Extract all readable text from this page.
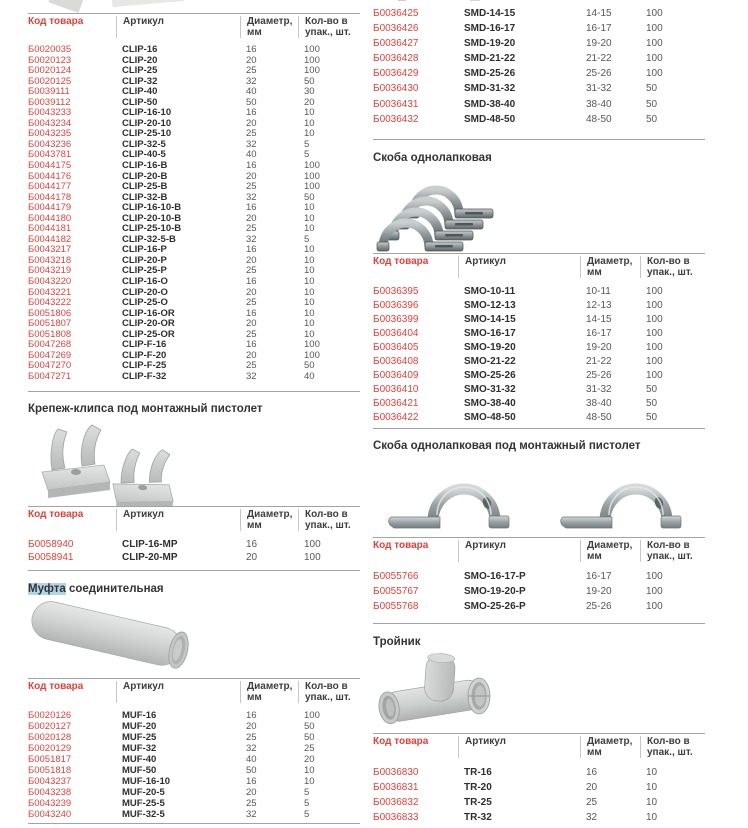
Код товара	Артикул	Диаметр,
мм
Кол-во в
упак., шт.
Б0020035	CLIP-16	16	100
Б0020123	CLIP-20	20	100
Б0020124	CLIP-25	25	100
Б0020125	CLIP-32	32	50
Б0039111	CLIP-40	40	30
Б0039112	CLIP-50	50	20
Б0043233	CLIP-16-10	16	10
Б0043234	CLIP-20-10	20	10
Б0043235	CLIP-25-10	25	10
Б0043236	CLIP-32-5	32	5
Б0043781	CLIP-40-5	40	5
Б0044175	CLIP-16-B	16	100
Б0044176	CLIP-20-B	20	100
Б0044177	CLIP-25-B	25	100
Б0044178	CLIP-32-B	32	50
Б0044179	CLIP-16-10-B	16	10
Б0044180	CLIP-20-10-B	20	10
Б0044181	CLIP-25-10-B	25	10
Б0044182	CLIP-32-5-B	32	5
Б0043217	CLIP-16-P	16	10
Б0043218	CLIP-20-P	20	10
Б0043219	CLIP-25-P	25	10
Б0043220	CLIP-16-O	16	10
Б0043221	CLIP-20-O	20	10
Б0043222	CLIP-25-O	25	10
Б0051806	CLIP-16-OR	16	10
Б0051807	CLIP-20-OR	20	10
Б0051808	CLIP-25-OR	25	10
Б0047268	CLIP-F-16	16	100
Б0047269	CLIP-F-20	20	100
Б0047270	CLIP-F-25	25	50
Б0047271	CLIP-F-32	32	40
Крепеж-клипса под монтажный пистолет
Код товара	Артикул	Диаметр,
мм
Кол-во в
упак., шт.
Б0058940	CLIP-16-MP	16	100
Б0058941	CLIP-20-MP	20	100
Муфта соединительная
Код товара	Артикул	Диаметр,
мм
Кол-во в
упак., шт.
Б0020126	MUF-16	16	100
Б0020127	MUF-20	20	50
Б0020128	MUF-25	25	50
Б0020129	MUF-32	32	25
Б0051817	MUF-40	40	20
Б0051818	MUF-50	50	10
Б0043237	MUF-16-10	16	10
Б0043238	MUF-20-5	20	5
Б0043239	MUF-25-5	25	5
Б0043240	MUF-32-5	32	5
Б0036425	SMD-14-15	14-15	100
Б0036426	SMD-16-17	16-17	100
Б0036427	SMD-19-20	19-20	100
Б0036428	SMD-21-22	21-22	100
Б0036429	SMD-25-26	25-26	100
Б0036430	SMD-31-32	31-32	50
Б0036431	SMD-38-40	38-40	50
Б0036432	SMD-48-50	48-50	50
Скоба однолапковая
Код товара	Артикул	Диаметр,
мм
Кол-во в
упак., шт.
Б0036395	SMO-10-11	10-11	100
Б0036396	SMO-12-13	12-13	100
Б0036399	SMO-14-15	14-15	100
Б0036404	SMO-16-17	16-17	100
Б0036405	SMO-19-20	19-20	100
Б0036408	SMO-21-22	21-22	100
Б0036409	SMO-25-26	25-26	100
Б0036410	SMO-31-32	31-32	50
Б0036421	SMO-38-40	38-40	50
Б0036422	SMO-48-50	48-50	50
Скоба однолапковая под монтажный пистолет
Код товара	Артикул	Диаметр,
мм
Кол-во в
упак., шт.
Б0055766	SMO-16-17-P	16-17	100
Б0055767	SMO-19-20-P	19-20	100
Б0055768	SMO-25-26-P	25-26	100
Тройник
Код товара	Артикул	Диаметр,
мм
Кол-во в
упак., шт.
Б0036830	TR-16	16	10
Б0036831	TR-20	20	10
Б0036832	TR-25	25	10
Б0036833	TR-32	32	10
